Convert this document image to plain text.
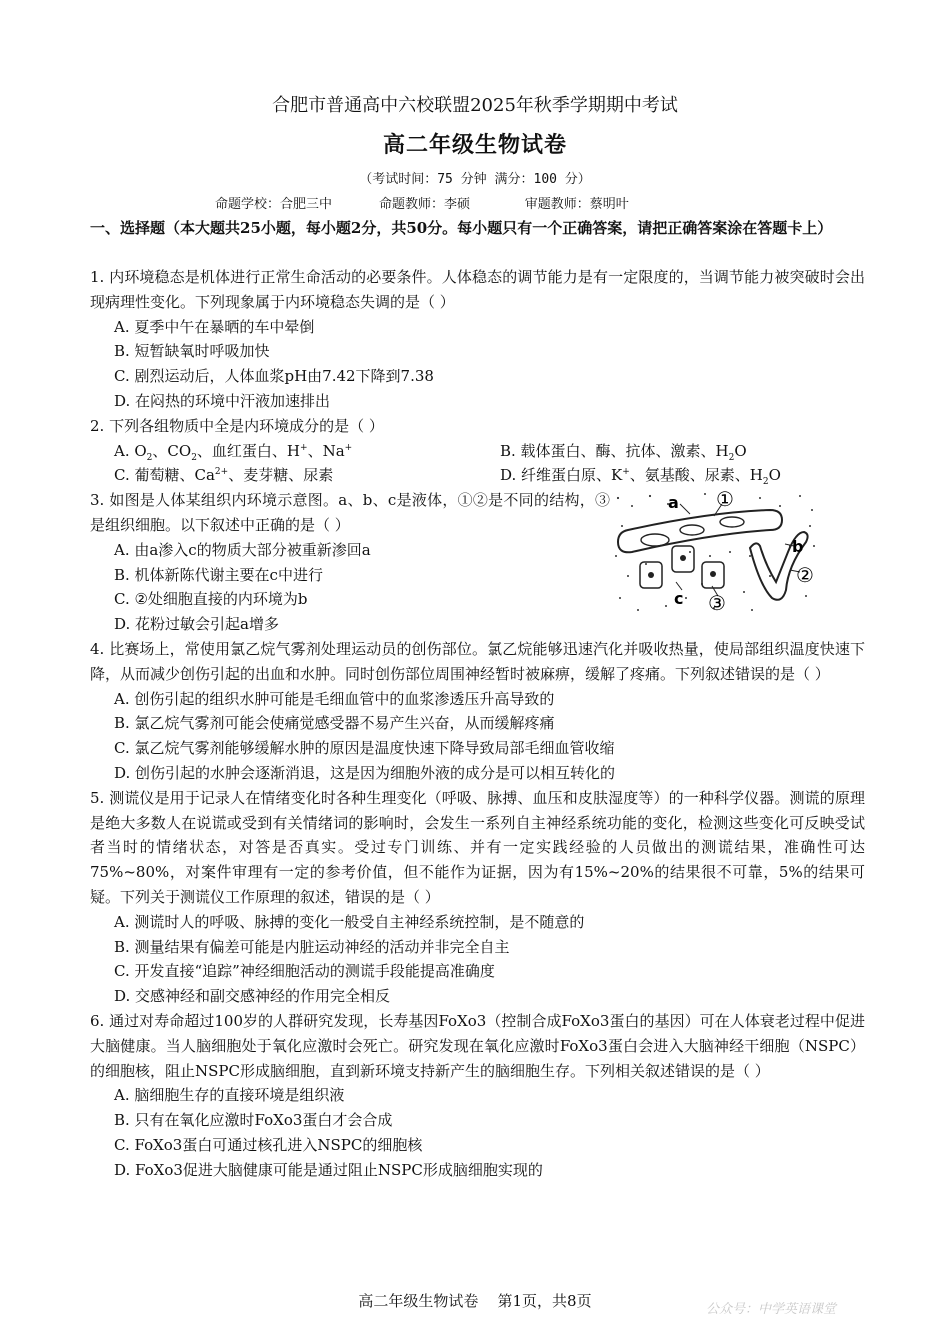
合肥市普通高中六校联盟2025年秋季学期期中考试
高二年级生物试卷
（考试时间：75 分钟 满分：100 分）
命题学校：合肥三中      命题教师：李硕       审题教师：蔡明叶
一、选择题（本大题共25小题，每小题2分，共50分。每小题只有一个正确答案，请把正确答案涂在答题卡上）

1. 内环境稳态是机体进行正常生命活动的必要条件。人体稳态的调节能力是有一定限度的，当调节能力被突破时会出现病理性变化。下列现象属于内环境稳态失调的是（ ）

A. 夏季中午在暴晒的车中晕倒

B. 短暂缺氧时呼吸加快

C. 剧烈运动后，人体血浆pH由7.42下降到7.38

D. 在闷热的环境中汗液加速排出

2. 下列各组物质中全是内环境成分的是（ ）

A. $O_2$、$CO_2$、血红蛋白、H+、Na+	B. 载体蛋白、酶、抗体、激素、$H_2O$
C. 葡萄糖、$Ca^{2+}$、麦芽糖、尿素	D. 纤维蛋白原、K+、氨基酸、尿素、$H_2O$

3. 如图是人体某组织内环境示意图。a、b、c是液体，①②是不同的结构，③是组织细胞。以下叙述中正确的是（ ）

A. 由a渗入c的物质大部分被重新渗回a

B. 机体新陈代谢主要在c中进行

C. ②处细胞直接的内环境为b

D. 花粉过敏会引起a增多

a ①
b
②
c ③

4. 比赛场上，常使用氯乙烷气雾剂处理运动员的创伤部位。氯乙烷能够迅速汽化并吸收热量，使局部组织温度快速下降，从而减少创伤引起的出血和水肿。同时创伤部位周围神经暂时被麻痹，缓解了疼痛。下列叙述错误的是（ ）

A. 创伤引起的组织水肿可能是毛细血管中的血浆渗透压升高导致的

B. 氯乙烷气雾剂可能会使痛觉感受器不易产生兴奋，从而缓解疼痛

C. 氯乙烷气雾剂能够缓解水肿的原因是温度快速下降导致局部毛细血管收缩

D. 创伤引起的水肿会逐渐消退，这是因为细胞外液的成分是可以相互转化的

5. 测谎仪是用于记录人在情绪变化时各种生理变化（呼吸、脉搏、血压和皮肤湿度等）的一种科学仪器。测谎的原理是绝大多数人在说谎或受到有关情绪词的影响时，会发生一系列自主神经系统功能的变化，检测这些变化可反映受试者当时的情绪状态，对答是否真实。受过专门训练、并有一定实践经验的人员做出的测谎结果，准确性可达75%~80%，对案件审理有一定的参考价值，但不能作为证据，因为有15%~20%的结果很不可靠，5%的结果可疑。下列关于测谎仪工作原理的叙述，错误的是（ ）

A. 测谎时人的呼吸、脉搏的变化一般受自主神经系统控制，是不随意的

B. 测量结果有偏差可能是内脏运动神经的活动并非完全自主

C. 开发直接“追踪”神经细胞活动的测谎手段能提高准确度

D. 交感神经和副交感神经的作用完全相反

6. 通过对寿命超过100岁的人群研究发现，长寿基因FoXo3（控制合成FoXo3蛋白的基因）可在人体衰老过程中促进大脑健康。当人脑细胞处于氧化应激时会死亡。研究发现在氧化应激时FoXo3蛋白会进入大脑神经干细胞（NSPC）的细胞核，阻止NSPC形成脑细胞，直到新环境支持新产生的脑细胞生存。下列相关叙述错误的是（ ）

A. 脑细胞生存的直接环境是组织液

B. 只有在氧化应激时FoXo3蛋白才会合成

C. FoXo3蛋白可通过核孔进入NSPC的细胞核

D. FoXo3促进大脑健康可能是通过阻止NSPC形成脑细胞实现的

高二年级生物试卷    第1页，共8页	公众号：中学英语课堂
